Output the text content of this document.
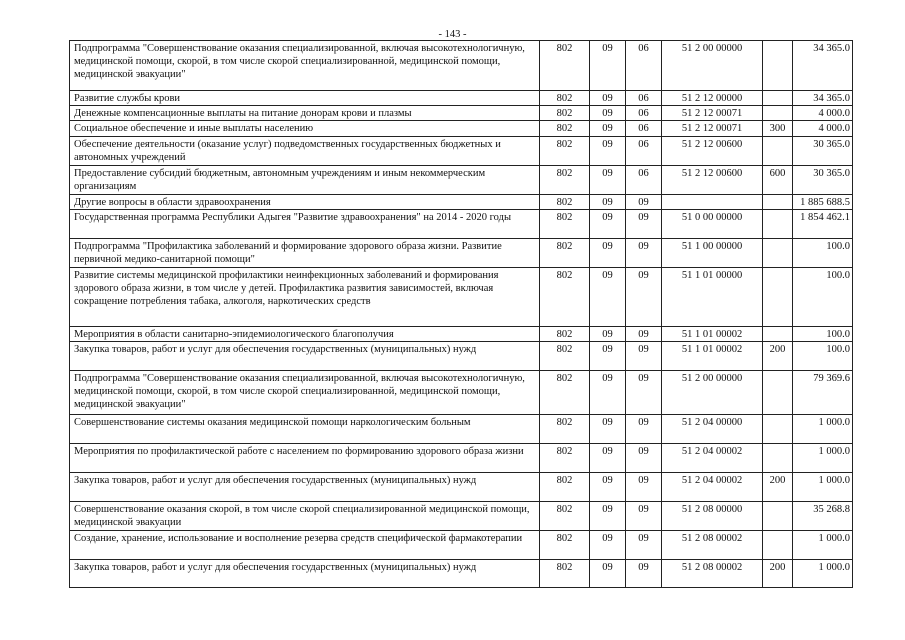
- 143 -
Подпрограмма "Совершенствование оказания специализированной, включая высокотехнологичную, медицинской помощи, скорой, в том числе скорой специализированной, медицинской помощи, медицинской эвакуации"	802	09	06	51 2 00 00000		34 365.0
Развитие службы крови	802	09	06	51 2 12 00000		34 365.0
Денежные компенсационные выплаты на питание донорам крови и плазмы	802	09	06	51 2 12 00071		4 000.0
Социальное обеспечение и иные выплаты населению	802	09	06	51 2 12 00071	300	4 000.0
Обеспечение деятельности (оказание услуг) подведомственных государственных бюджетных и автономных учреждений	802	09	06	51 2 12 00600		30 365.0
Предоставление субсидий бюджетным, автономным учреждениям и иным некоммерческим организациям	802	09	06	51 2 12 00600	600	30 365.0
Другие вопросы в области здравоохранения	802	09	09			1 885 688.5
Государственная программа Республики Адыгея "Развитие здравоохранения" на 2014 - 2020 годы	802	09	09	51 0 00 00000		1 854 462.1
Подпрограмма "Профилактика заболеваний и формирование здорового образа жизни. Развитие первичной медико-санитарной помощи"	802	09	09	51 1 00 00000		100.0
Развитие системы медицинской профилактики неинфекционных заболеваний и формирования здорового образа жизни, в том числе у детей. Профилактика развития зависимостей, включая сокращение потребления табака, алкоголя, наркотических средств	802	09	09	51 1 01 00000		100.0
Мероприятия в области санитарно-эпидемиологического благополучия	802	09	09	51 1 01 00002		100.0
Закупка товаров, работ и услуг для обеспечения государственных (муниципальных) нужд	802	09	09	51 1 01 00002	200	100.0
Подпрограмма "Совершенствование оказания специализированной, включая высокотехнологичную, медицинской помощи, скорой, в том числе скорой специализированной, медицинской помощи, медицинской эвакуации"	802	09	09	51 2 00 00000		79 369.6
Совершенствование системы оказания медицинской помощи наркологическим больным	802	09	09	51 2 04 00000		1 000.0
Мероприятия по профилактической работе с населением по формированию здорового образа жизни	802	09	09	51 2 04 00002		1 000.0
Закупка товаров, работ и услуг для обеспечения государственных (муниципальных) нужд	802	09	09	51 2 04 00002	200	1 000.0
Совершенствование оказания скорой, в том числе скорой специализированной медицинской помощи, медицинской эвакуации	802	09	09	51 2 08 00000		35 268.8
Создание, хранение, использование и восполнение резерва средств специфической фармакотерапии	802	09	09	51 2 08 00002		1 000.0
Закупка товаров, работ и услуг для обеспечения государственных (муниципальных) нужд	802	09	09	51 2 08 00002	200	1 000.0
